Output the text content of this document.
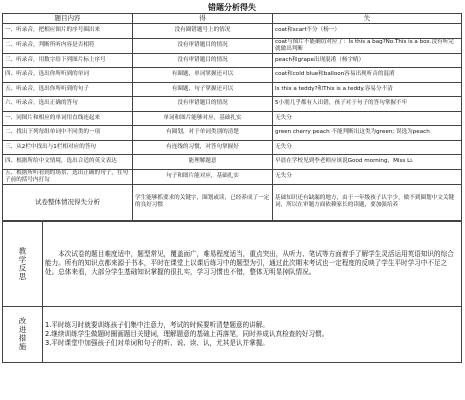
错题分析得失		
题目内容	得	失
一、听录音，把相应图片的序号圈出来	没有圈错题号上的情况	coat和scarf不分（杨一）
二、听录音，判断所听内容是否相符	没有审错题目的情况	coat与图片不能确切对应了：Is this a bag?No.This is a box.没有听完就做出判断
三、听录音，用数字给下列图片标上序号	没有审错题目的情况	peach和grape出现混淆（杨宇晴）
四、听录音，选出你所听到的单词	有圈题，单词掌握还可以	coat和cold blue和balloon容易出现听音的混淆
五、听录音，选出你所听到的句子	有圈题，句子掌握还可以	Is this a teddy?和This is a teddy.容易分不清
六、听录音，选出正确的答句	没有审错题目的情况	5小朋几乎都有人出错，孩子对于句子的答句掌握不牢
一、同图片和相应的单词用直线连起来	单词和图片能够对应，基础扎实	无失分
二、找出下列每组单词中不同类的一项	有圈划，对于单词类别的清楚	green cherry peach 不能判断出这类为green; 误选为peach
三、从2栏中找出与1栏相对应的答句	有连线的习惯，对答句掌握好	无失分
四、根据所给中文情境，选出合适的英文表达	能理解题意	早晨在学校见到李老师应该说Good morning，Miss Li.
五、根据所听看到的场景，选出正确的句子，在句子前的括号内打勾	句子和图片能对应，基础扎实	无失分
试卷整体情况得失分析	学生能够抓要求的关键字，圈划或读，已经养成了一定的良好习惯	基础知识还有缺漏的地方，由于一年级孩子认字少，做不到圈划中文关键词，所以在审题方面依赖家长的读题，要加强培养
教学反思	本次试卷的题目难度适中，题型常见，覆盖面广，难易程度适当，重点突出，从听力、笔试等方面着手了解学生灵活运用英语知识的综合能力。所有的知识点都来源于书本，平时在课堂上以课后练习中的题型为引，通过此次期末考试也一定程度的反映了学生平时学习中不足之处。总体来看，大部分学生基础知识掌握的很扎实，学习习惯也不错，整体无明显掉队情况。

改进措施	1.平时练习时就要训练孩子们集中注意力，考试的时候要听清楚题意的讲解。
2.继续训练学生做题时圈画题目关键词，理解题意的基础上再落笔，同时养成认真检查的好习惯。
3.平时课堂中加强孩子们对单词和句子的听、说、读、认，尤其是认并掌握。
